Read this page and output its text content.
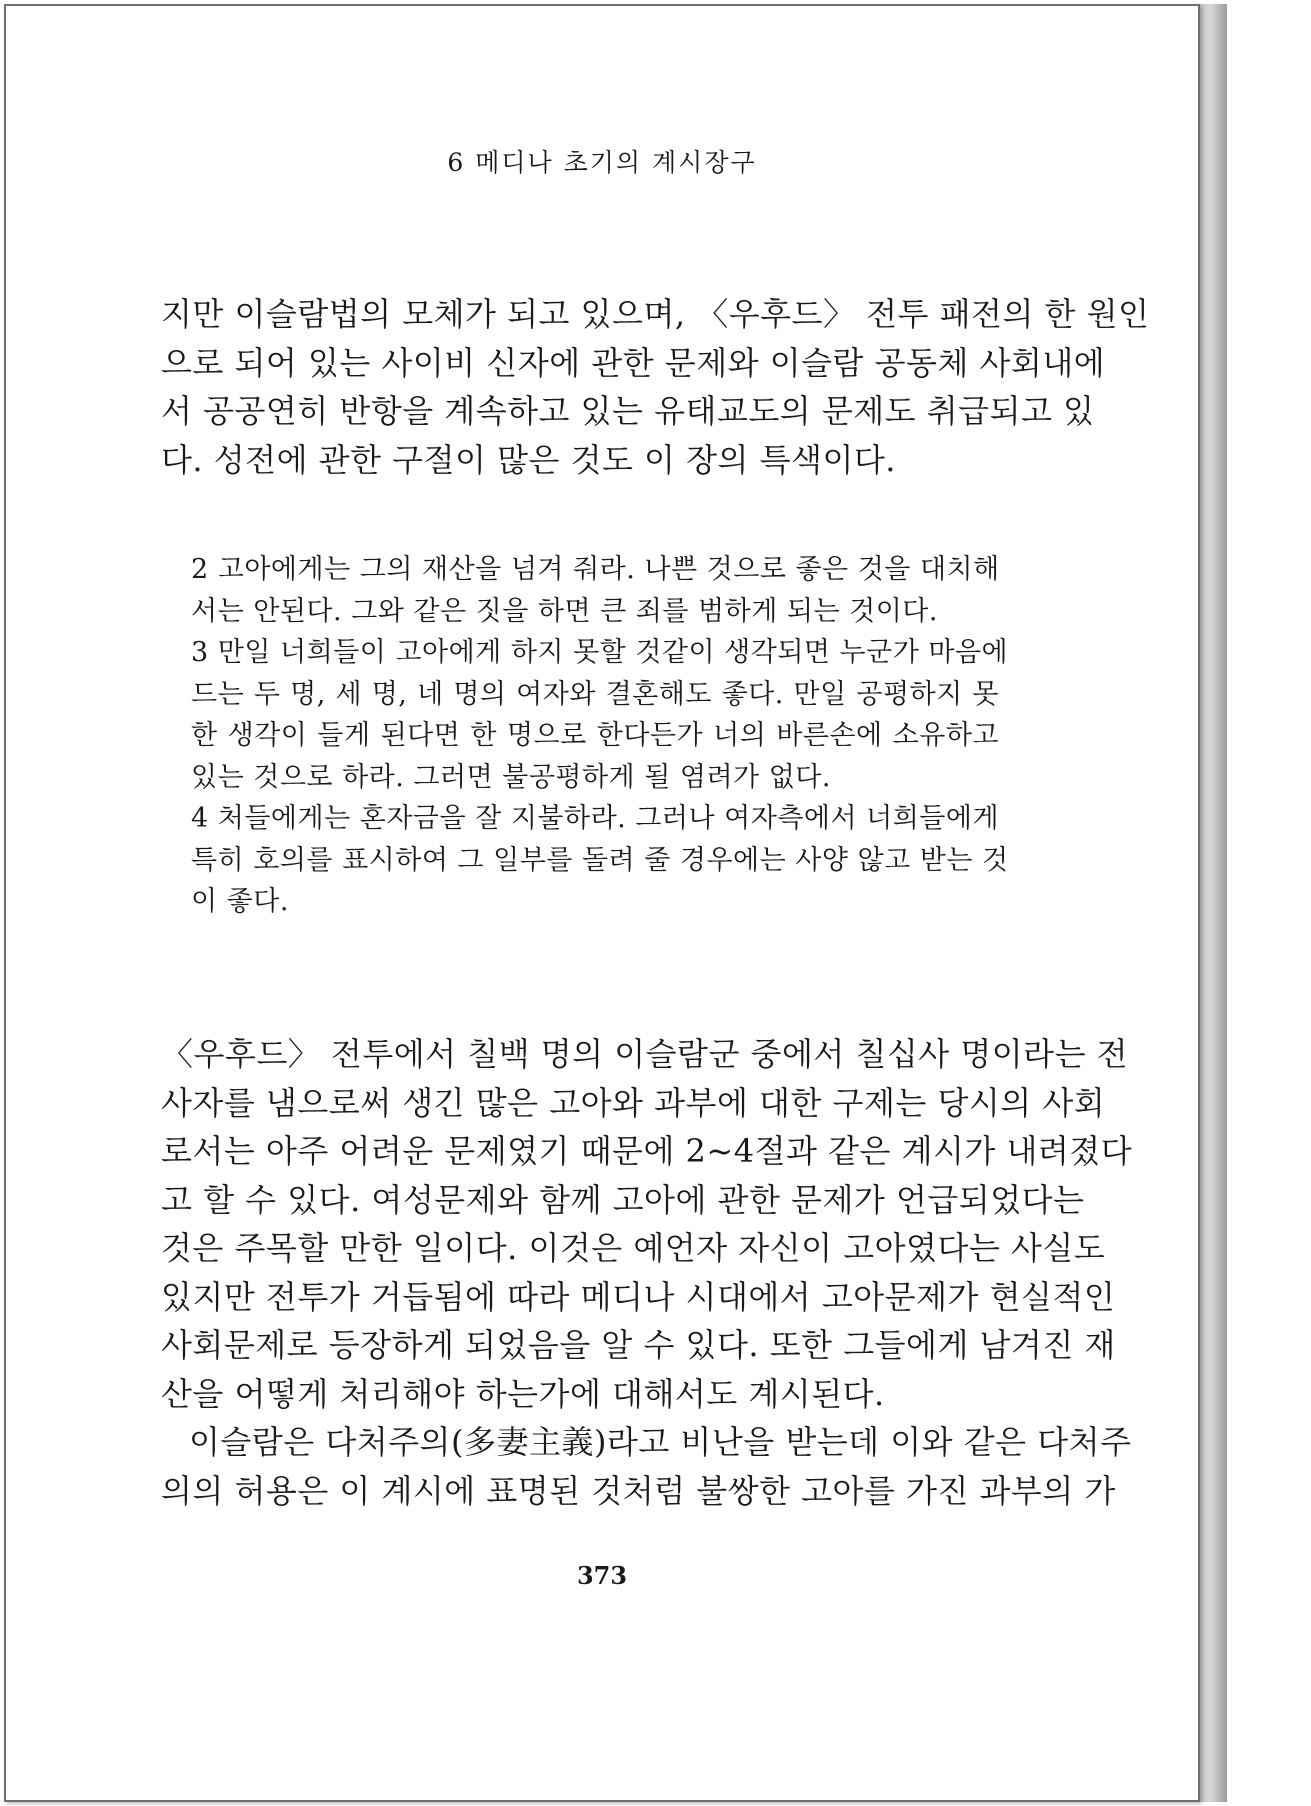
6 메디나 초기의 계시장구
지만 이슬람법의 모체가 되고 있으며, 〈우후드〉 전투 패전의 한 원인
으로 되어 있는 사이비 신자에 관한 문제와 이슬람 공동체 사회내에
서 공공연히 반항을 계속하고 있는 유태교도의 문제도 취급되고 있
다. 성전에 관한 구절이 많은 것도 이 장의 특색이다.
2 고아에게는 그의 재산을 넘겨 줘라. 나쁜 것으로 좋은 것을 대치해
서는 안된다. 그와 같은 짓을 하면 큰 죄를 범하게 되는 것이다.
3 만일 너희들이 고아에게 하지 못할 것같이 생각되면 누군가 마음에
드는 두 명, 세 명, 네 명의 여자와 결혼해도 좋다. 만일 공평하지 못
한 생각이 들게 된다면 한 명으로 한다든가 너의 바른손에 소유하고
있는 것으로 하라. 그러면 불공평하게 될 염려가 없다.
4 처들에게는 혼자금을 잘 지불하라. 그러나 여자측에서 너희들에게
특히 호의를 표시하여 그 일부를 돌려 줄 경우에는 사양 않고 받는 것
이 좋다.
〈우후드〉 전투에서 칠백 명의 이슬람군 중에서 칠십사 명이라는 전
사자를 냄으로써 생긴 많은 고아와 과부에 대한 구제는 당시의 사회
로서는 아주 어려운 문제였기 때문에 2~4절과 같은 계시가 내려졌다
고 할 수 있다. 여성문제와 함께 고아에 관한 문제가 언급되었다는
것은 주목할 만한 일이다. 이것은 예언자 자신이 고아였다는 사실도
있지만 전투가 거듭됨에 따라 메디나 시대에서 고아문제가 현실적인
사회문제로 등장하게 되었음을 알 수 있다. 또한 그들에게 남겨진 재
산을 어떻게 처리해야 하는가에 대해서도 계시된다.
이슬람은 다처주의(多妻主義)라고 비난을 받는데 이와 같은 다처주
의의 허용은 이 계시에 표명된 것처럼 불쌍한 고아를 가진 과부의 가
373
